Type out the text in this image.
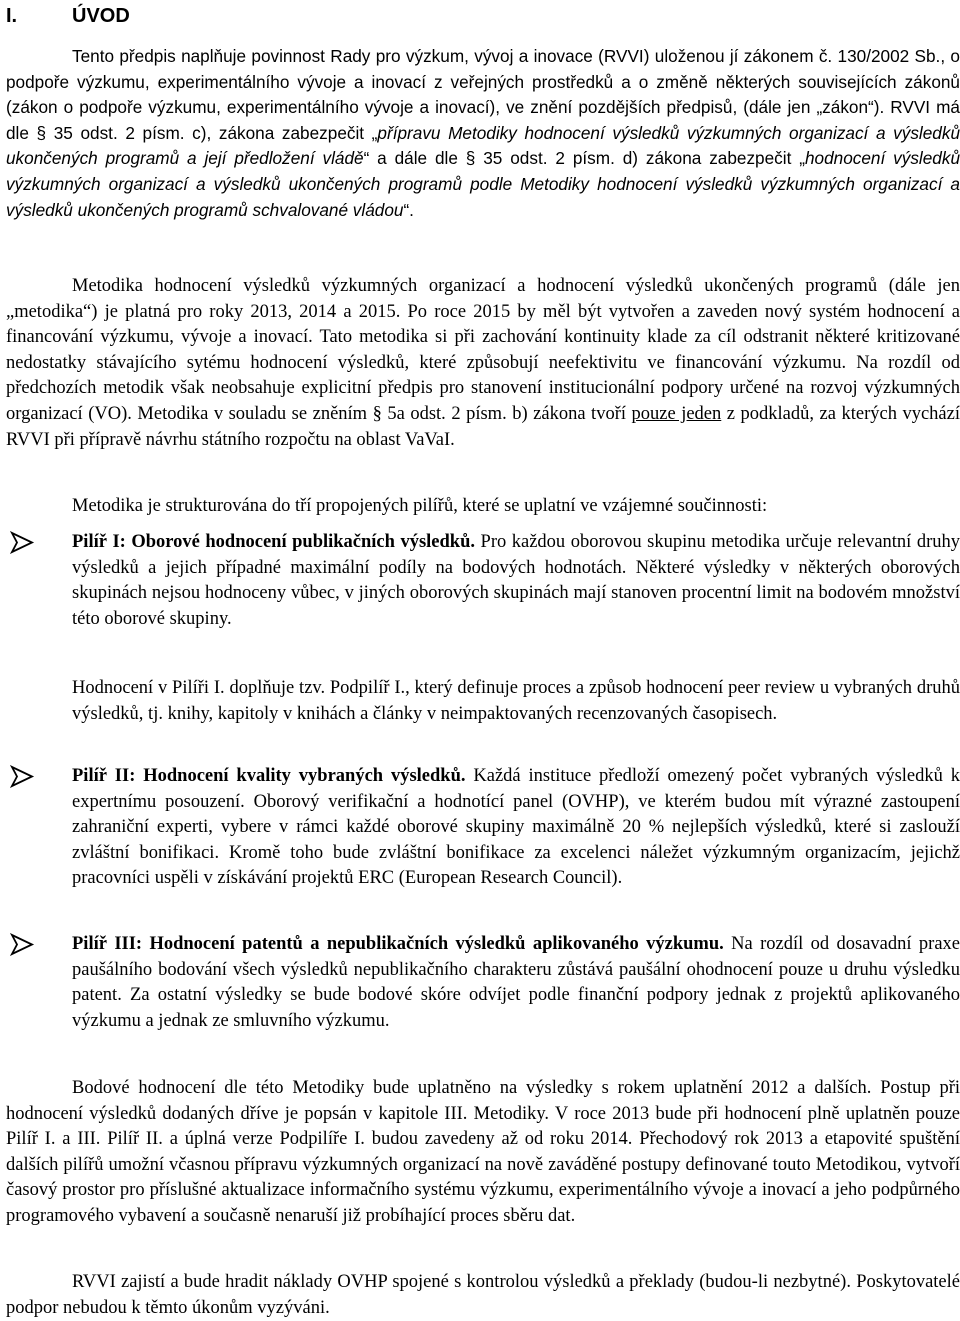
I.	ÚVOD
Tento předpis naplňuje povinnost Rady pro výzkum, vývoj a inovace (RVVI) uloženou jí zákonem č. 130/2002 Sb., o podpoře výzkumu, experimentálního vývoje a inovací z veřejných prostředků a o změně některých souvisejících zákonů (zákon o podpoře výzkumu, experimentálního vývoje a inovací), ve znění pozdějších předpisů, (dále jen „zákon“). RVVI má dle § 35 odst. 2 písm. c), zákona zabezpečit „přípravu Metodiky hodnocení výsledků výzkumných organizací a výsledků ukončených programů a její předložení vládě“ a dále dle § 35 odst. 2 písm. d) zákona zabezpečit „hodnocení výsledků výzkumných organizací a výsledků ukončených programů podle Metodiky hodnocení výsledků výzkumných organizací a výsledků ukončených programů schvalované vládou“.
Metodika hodnocení výsledků výzkumných organizací a hodnocení výsledků ukončených programů (dále jen „metodika“) je platná pro roky 2013, 2014 a 2015. Po roce 2015 by měl být vytvořen a zaveden nový systém hodnocení a financování výzkumu, vývoje a inovací. Tato metodika si při zachování kontinuity klade za cíl odstranit některé kritizované nedostatky stávajícího sytému hodnocení výsledků, které způsobují neefektivitu ve financování výzkumu. Na rozdíl od předchozích metodik však neobsahuje explicitní předpis pro stanovení institucionální podpory určené na rozvoj výzkumných organizací (VO). Metodika v souladu se zněním § 5a odst. 2 písm. b) zákona tvoří pouze jeden z podkladů, za kterých vychází RVVI při přípravě návrhu státního rozpočtu na oblast VaVaI.
Metodika je strukturována do tří propojených pilířů, které se uplatní ve vzájemné součinnosti:
Pilíř I: Oborové hodnocení publikačních výsledků. Pro každou oborovou skupinu metodika určuje relevantní druhy výsledků a jejich případné maximální podíly na bodových hodnotách. Některé výsledky v některých oborových skupinách nejsou hodnoceny vůbec, v jiných oborových skupinách mají stanoven procentní limit na bodovém množství této oborové skupiny.
Hodnocení v Pilíři I. doplňuje tzv. Podpilíř I., který definuje proces a způsob hodnocení peer review u vybraných druhů výsledků, tj. knihy, kapitoly v knihách a články v neimpaktovaných recenzovaných časopisech.
Pilíř II: Hodnocení kvality vybraných výsledků. Každá instituce předloží omezený počet vybraných výsledků k expertnímu posouzení. Oborový verifikační a hodnotící panel (OVHP), ve kterém budou mít výrazné zastoupení zahraniční experti, vybere v rámci každé oborové skupiny maximálně 20 % nejlepších výsledků, které si zaslouží zvláštní bonifikaci. Kromě toho bude zvláštní bonifikace za excelenci náležet výzkumným organizacím, jejichž pracovníci uspěli v získávání projektů ERC (European Research Council).
Pilíř III: Hodnocení patentů a nepublikačních výsledků aplikovaného výzkumu. Na rozdíl od dosavadní praxe paušálního bodování všech výsledků nepublikačního charakteru zůstává paušální ohodnocení pouze u druhu výsledku patent. Za ostatní výsledky se bude bodové skóre odvíjet podle finanční podpory jednak z projektů aplikovaného výzkumu a jednak ze smluvního výzkumu.
Bodové hodnocení dle této Metodiky bude uplatněno na výsledky s rokem uplatnění 2012 a dalších. Postup při hodnocení výsledků dodaných dříve je popsán v kapitole III. Metodiky. V roce 2013 bude při hodnocení plně uplatněn pouze Pilíř I. a III. Pilíř II. a úplná verze Podpilíře I. budou zavedeny až od roku 2014. Přechodový rok 2013 a etapovité spuštění dalších pilířů umožní včasnou přípravu výzkumných organizací na nově zaváděné postupy definované touto Metodikou, vytvoří časový prostor pro příslušné aktualizace informačního systému výzkumu, experimentálního vývoje a inovací a jeho podpůrného programového vybavení a současně nenaruší již probíhající proces sběru dat.
RVVI zajistí a bude hradit náklady OVHP spojené s kontrolou výsledků a překlady (budou-li nezbytné). Poskytovatelé podpor nebudou k těmto úkonům vyzýváni.
